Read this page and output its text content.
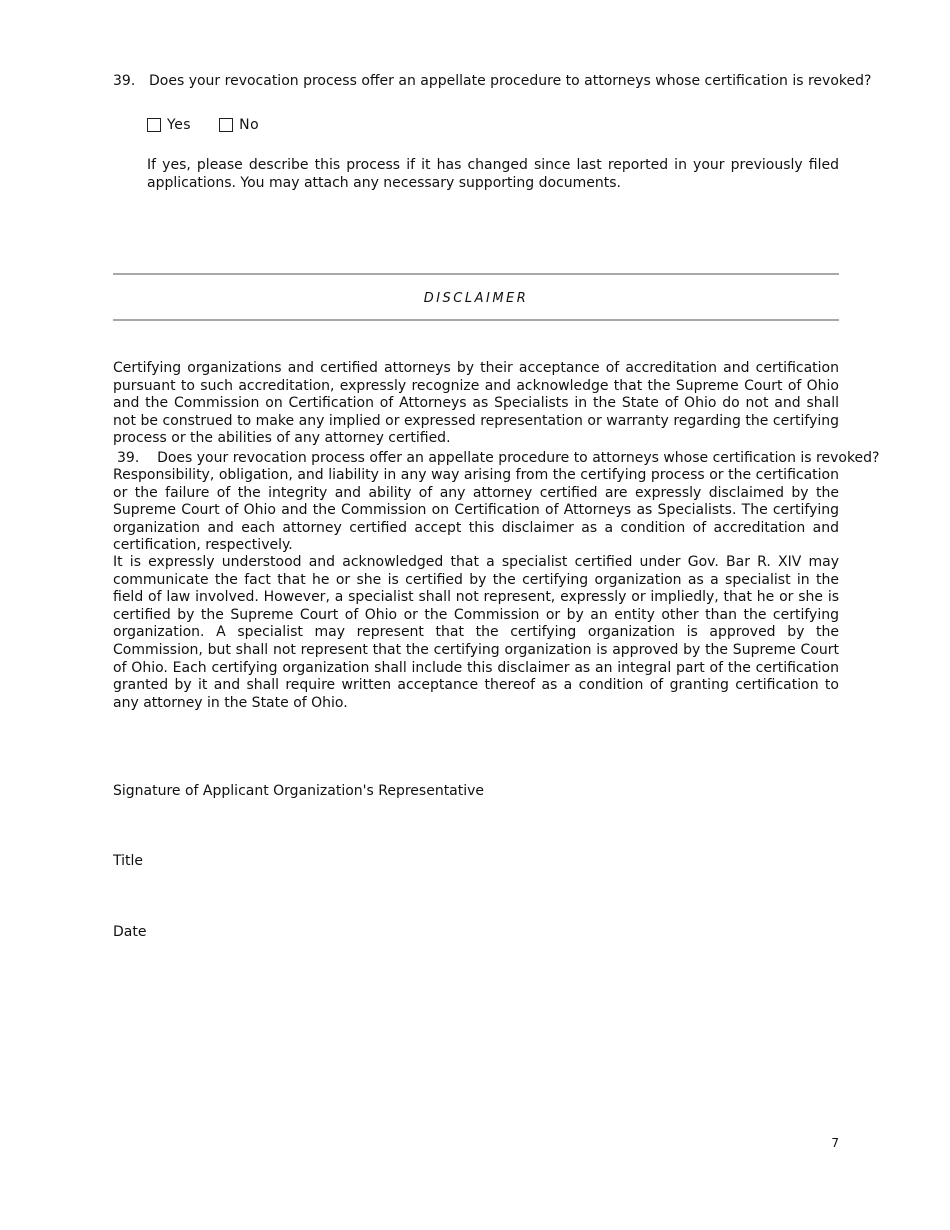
39. Does your revocation process offer an appellate procedure to attorneys whose certification is revoked?
Yes	No
If yes, please describe this process if it has changed since last reported in your previously filed applications. You may attach any necessary supporting documents.
DISCLAIMER

Certifying organizations and certified attorneys by their acceptance of accreditation and certification pursuant to such accreditation, expressly recognize and acknowledge that the Supreme Court of Ohio and the Commission on Certification of Attorneys as Specialists in the State of Ohio do not and shall not be construed to make any implied or expressed representation or warranty regarding the certifying process or the abilities of any attorney certified.

39.    Does your revocation process offer an appellate procedure to attorneys whose certification is revoked?

Responsibility, obligation, and liability in any way arising from the certifying process or the certification or the failure of the integrity and ability of any attorney certified are expressly disclaimed by the Supreme Court of Ohio and the Commission on Certification of Attorneys as Specialists. The certifying organization and each attorney certified accept this disclaimer as a condition of accreditation and certification, respectively.

It is expressly understood and acknowledged that a specialist certified under Gov. Bar R. XIV may communicate the fact that he or she is certified by the certifying organization as a specialist in the field of law involved. However, a specialist shall not represent, expressly or impliedly, that he or she is certified by the Supreme Court of Ohio or the Commission or by an entity other than the certifying organization. A specialist may represent that the certifying organization is approved by the Commission, but shall not represent that the certifying organization is approved by the Supreme Court of Ohio. Each certifying organization shall include this disclaimer as an integral part of the certification granted by it and shall require written acceptance thereof as a condition of granting certification to any attorney in the State of Ohio.

____________________________________________
Signature of Applicant Organization's Representative
____________________________________________
Title
____________________________________________
Date
7
